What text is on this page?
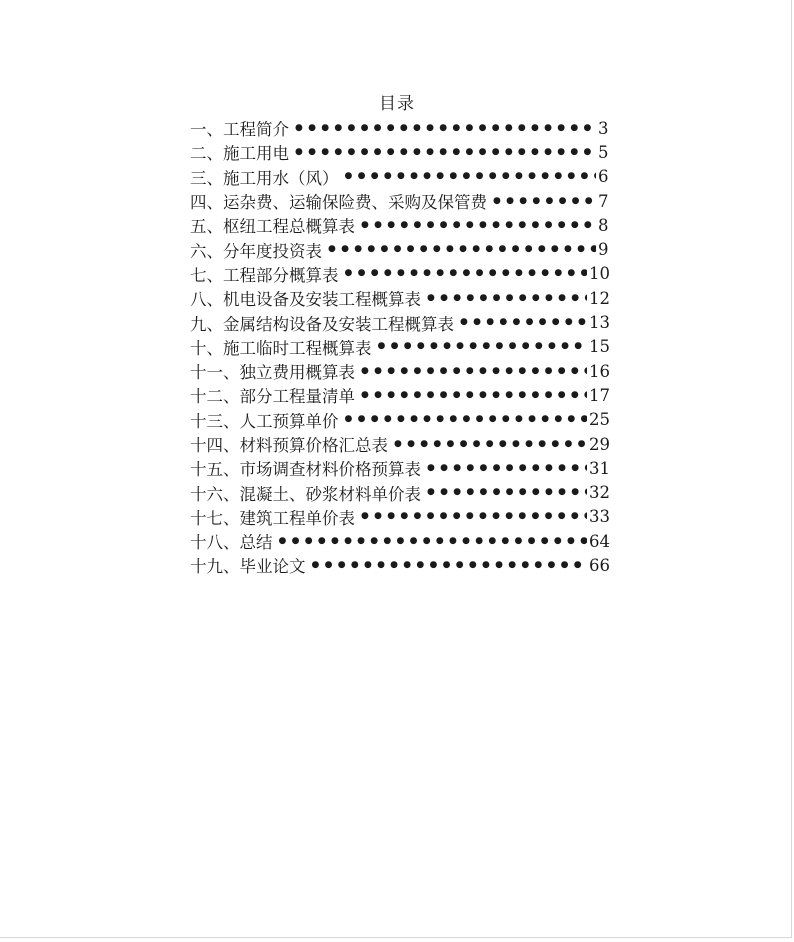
目录
一、工程简介 ● ● ● ● ● ● ● ● ● ● ● ● ● ● ● ● ● ● ● ● ● ● ● ● ● ● ● ● ● ● ● ● ● ● ● ● ● ● ● ● ● ● ● ● ● ● ● ● ● ● ● ● ● ● ● ● ● ● ● ●	3
二、施工用电 ● ● ● ● ● ● ● ● ● ● ● ● ● ● ● ● ● ● ● ● ● ● ● ● ● ● ● ● ● ● ● ● ● ● ● ● ● ● ● ● ● ● ● ● ● ● ● ● ● ● ● ● ● ● ● ● ● ● ● ●	5
三、施工用水（风） ● ● ● ● ● ● ● ● ● ● ● ● ● ● ● ● ● ● ● ● ● ● ● ● ● ● ● ● ● ● ● ● ● ● ● ● ● ● ● ● ● ● ● ● ● ● ● ● ● ● ● ● ● ● ● ● ● ● ● ●	6
四、运杂费、运输保险费、采购及保管费 ● ● ● ● ● ● ● ● ● ● ● ● ● ● ● ● ● ● ● ● ● ● ● ● ● ● ● ● ● ● ● ● ● ● ● ● ● ● ● ● ● ● ● ● ● ● ● ● ● ● ● ● ● ● ● ● ● ● ● ●	7
五、枢纽工程总概算表 ● ● ● ● ● ● ● ● ● ● ● ● ● ● ● ● ● ● ● ● ● ● ● ● ● ● ● ● ● ● ● ● ● ● ● ● ● ● ● ● ● ● ● ● ● ● ● ● ● ● ● ● ● ● ● ● ● ● ● ●	8
六、分年度投资表 ● ● ● ● ● ● ● ● ● ● ● ● ● ● ● ● ● ● ● ● ● ● ● ● ● ● ● ● ● ● ● ● ● ● ● ● ● ● ● ● ● ● ● ● ● ● ● ● ● ● ● ● ● ● ● ● ● ● ● ●	9
七、工程部分概算表 ● ● ● ● ● ● ● ● ● ● ● ● ● ● ● ● ● ● ● ● ● ● ● ● ● ● ● ● ● ● ● ● ● ● ● ● ● ● ● ● ● ● ● ● ● ● ● ● ● ● ● ● ● ● ● ● ● ● ● ●	10
八、机电设备及安装工程概算表 ● ● ● ● ● ● ● ● ● ● ● ● ● ● ● ● ● ● ● ● ● ● ● ● ● ● ● ● ● ● ● ● ● ● ● ● ● ● ● ● ● ● ● ● ● ● ● ● ● ● ● ● ● ● ● ● ● ● ● ●	12
九、金属结构设备及安装工程概算表 ● ● ● ● ● ● ● ● ● ● ● ● ● ● ● ● ● ● ● ● ● ● ● ● ● ● ● ● ● ● ● ● ● ● ● ● ● ● ● ● ● ● ● ● ● ● ● ● ● ● ● ● ● ● ● ● ● ● ● ●	13
十、施工临时工程概算表 ● ● ● ● ● ● ● ● ● ● ● ● ● ● ● ● ● ● ● ● ● ● ● ● ● ● ● ● ● ● ● ● ● ● ● ● ● ● ● ● ● ● ● ● ● ● ● ● ● ● ● ● ● ● ● ● ● ● ● ●	15
十一、独立费用概算表 ● ● ● ● ● ● ● ● ● ● ● ● ● ● ● ● ● ● ● ● ● ● ● ● ● ● ● ● ● ● ● ● ● ● ● ● ● ● ● ● ● ● ● ● ● ● ● ● ● ● ● ● ● ● ● ● ● ● ● ●	16
十二、部分工程量清单 ● ● ● ● ● ● ● ● ● ● ● ● ● ● ● ● ● ● ● ● ● ● ● ● ● ● ● ● ● ● ● ● ● ● ● ● ● ● ● ● ● ● ● ● ● ● ● ● ● ● ● ● ● ● ● ● ● ● ● ●	17
十三、人工预算单价 ● ● ● ● ● ● ● ● ● ● ● ● ● ● ● ● ● ● ● ● ● ● ● ● ● ● ● ● ● ● ● ● ● ● ● ● ● ● ● ● ● ● ● ● ● ● ● ● ● ● ● ● ● ● ● ● ● ● ● ●	25
十四、材料预算价格汇总表 ● ● ● ● ● ● ● ● ● ● ● ● ● ● ● ● ● ● ● ● ● ● ● ● ● ● ● ● ● ● ● ● ● ● ● ● ● ● ● ● ● ● ● ● ● ● ● ● ● ● ● ● ● ● ● ● ● ● ● ●	29
十五、市场调查材料价格预算表 ● ● ● ● ● ● ● ● ● ● ● ● ● ● ● ● ● ● ● ● ● ● ● ● ● ● ● ● ● ● ● ● ● ● ● ● ● ● ● ● ● ● ● ● ● ● ● ● ● ● ● ● ● ● ● ● ● ● ● ●	31
十六、混凝土、砂浆材料单价表 ● ● ● ● ● ● ● ● ● ● ● ● ● ● ● ● ● ● ● ● ● ● ● ● ● ● ● ● ● ● ● ● ● ● ● ● ● ● ● ● ● ● ● ● ● ● ● ● ● ● ● ● ● ● ● ● ● ● ● ●	32
十七、建筑工程单价表 ● ● ● ● ● ● ● ● ● ● ● ● ● ● ● ● ● ● ● ● ● ● ● ● ● ● ● ● ● ● ● ● ● ● ● ● ● ● ● ● ● ● ● ● ● ● ● ● ● ● ● ● ● ● ● ● ● ● ● ●	33
十八、总结 ● ● ● ● ● ● ● ● ● ● ● ● ● ● ● ● ● ● ● ● ● ● ● ● ● ● ● ● ● ● ● ● ● ● ● ● ● ● ● ● ● ● ● ● ● ● ● ● ● ● ● ● ● ● ● ● ● ● ● ●	64
十九、毕业论文 ● ● ● ● ● ● ● ● ● ● ● ● ● ● ● ● ● ● ● ● ● ● ● ● ● ● ● ● ● ● ● ● ● ● ● ● ● ● ● ● ● ● ● ● ● ● ● ● ● ● ● ● ● ● ● ● ● ● ● ●	66
